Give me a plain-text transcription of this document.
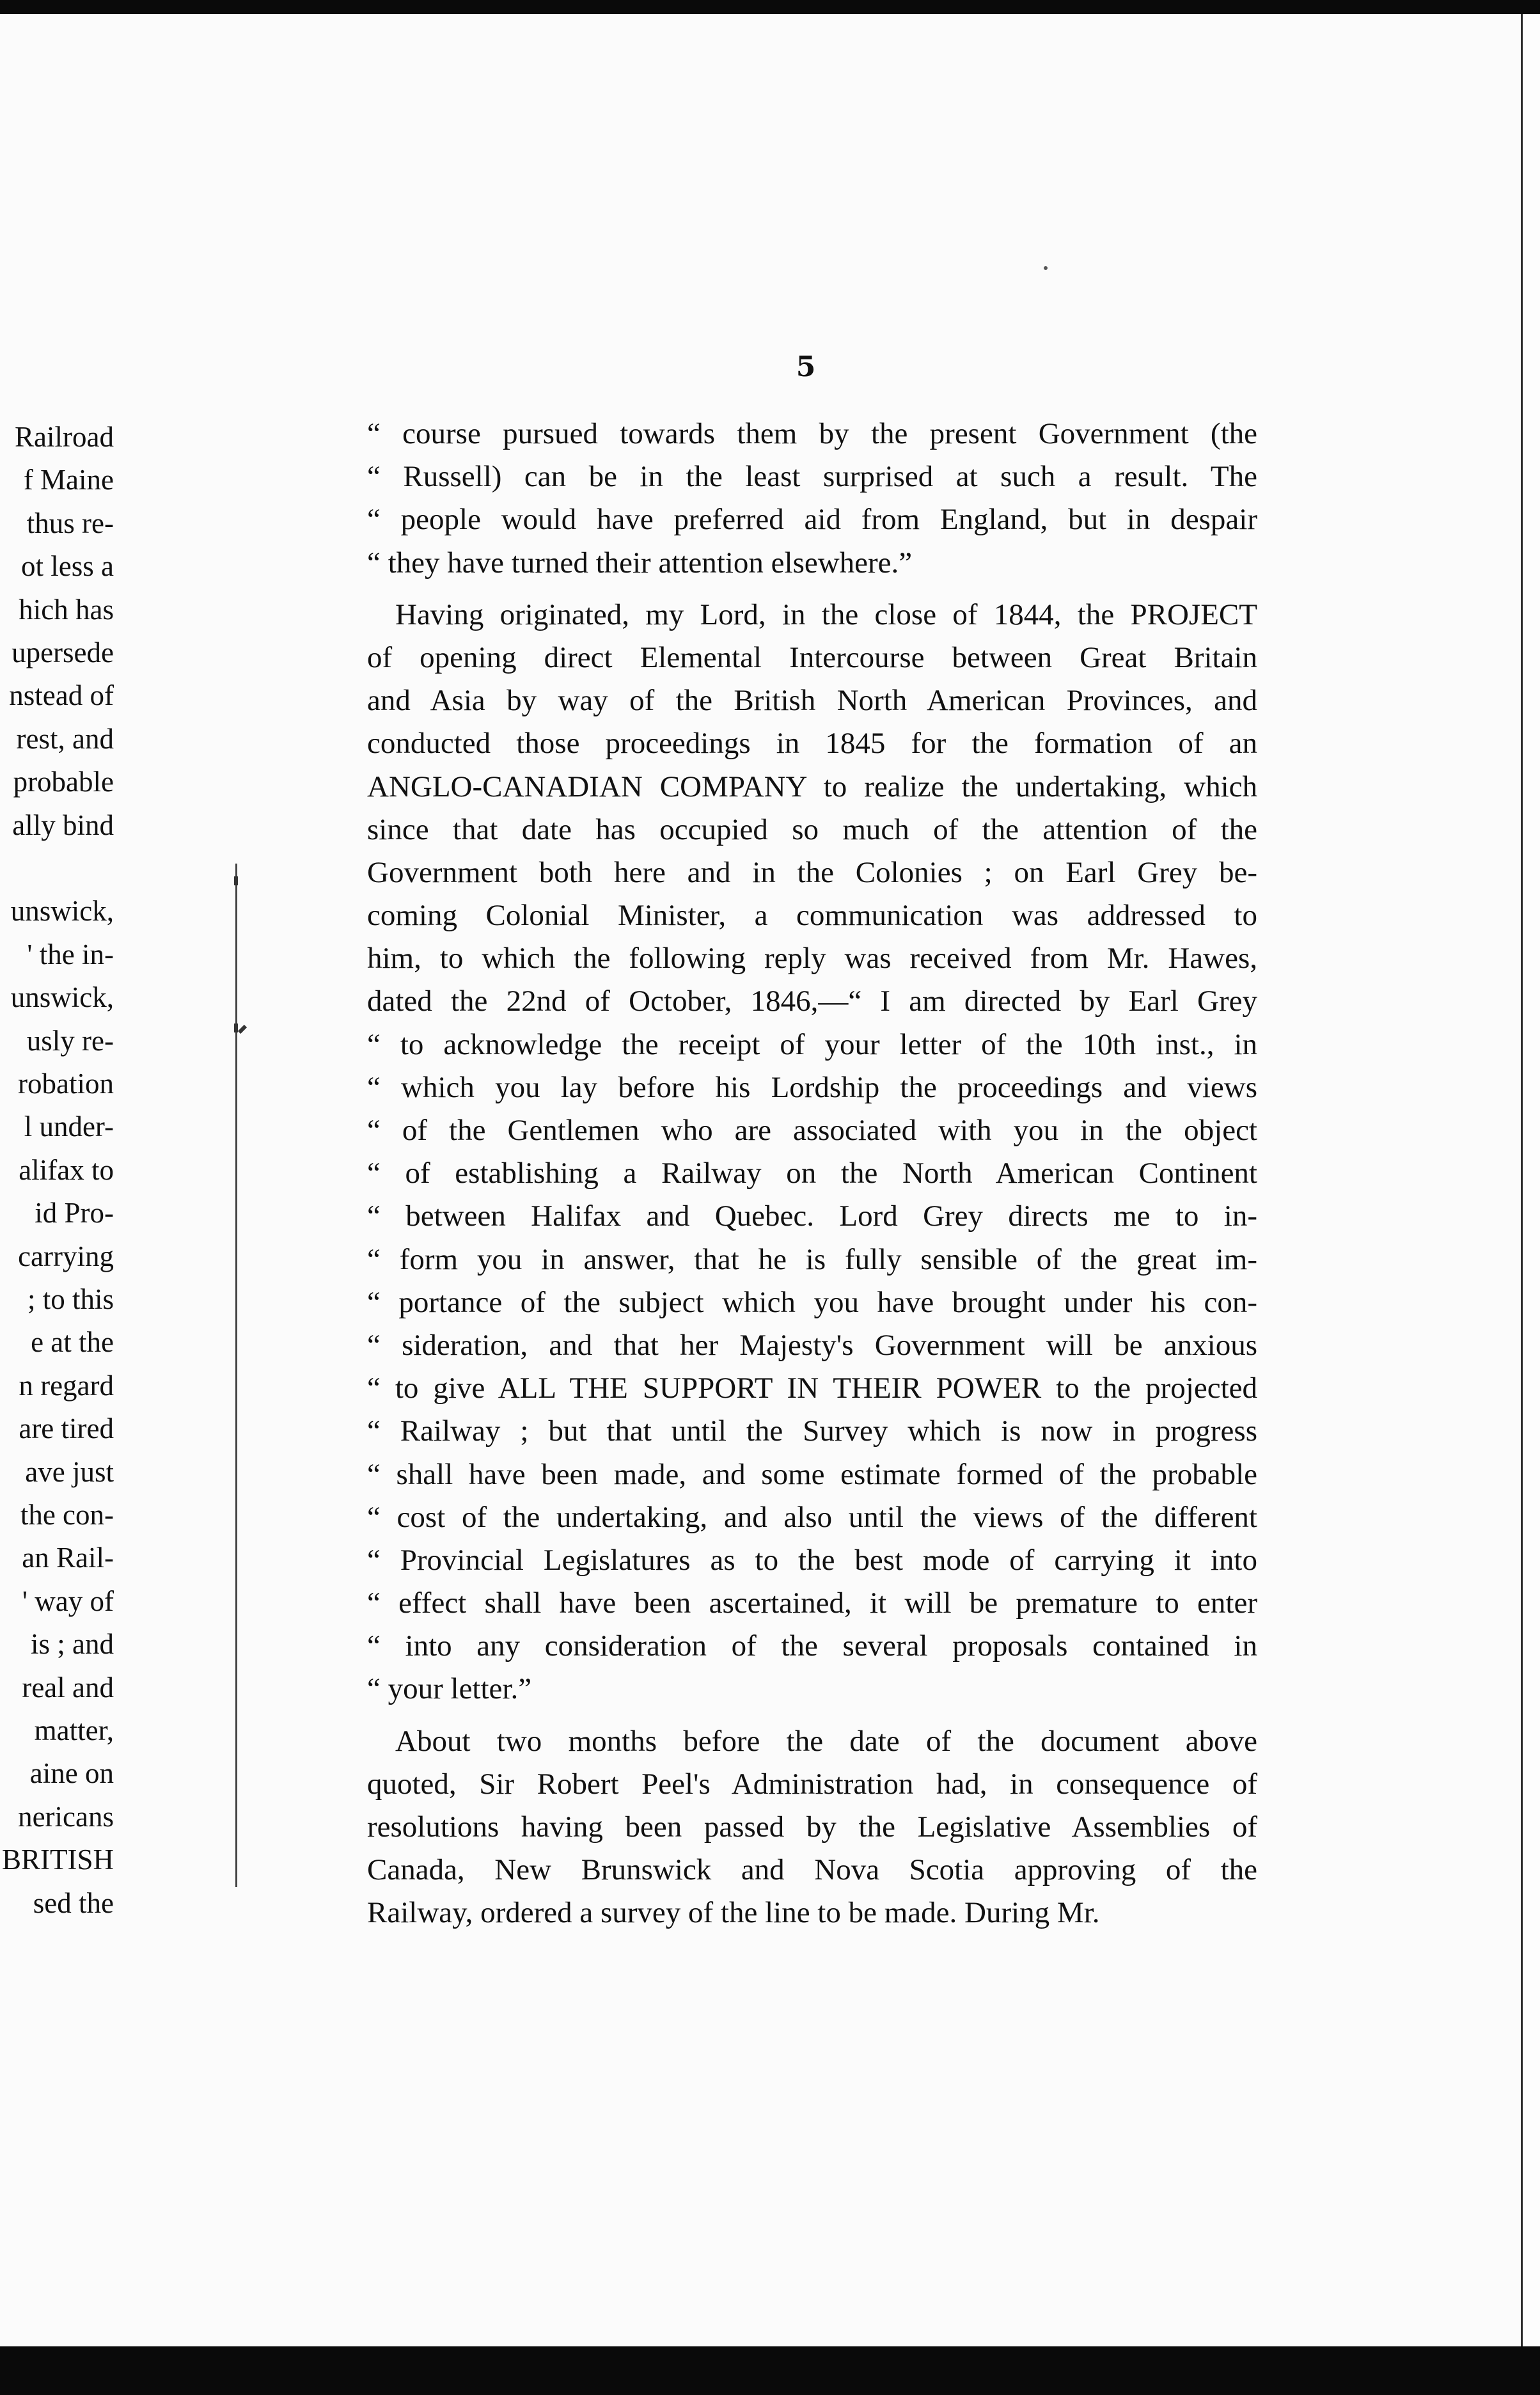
5
Railroad
f Maine
thus re-
ot less a
hich has
upersede
nstead of
rest, and
probable
ally bind
unswick,
' the in-
unswick,
usly re-
robation
l under-
alifax to
id Pro-
carrying
; to this
e at the
n regard
are tired
ave just
the con-
an Rail-
' way of
is ; and
real and
matter,
aine on
nericans
BRITISH
sed the
“ course pursued towards them by the present Government (the
“ Russell) can be in the least surprised at such a result. The
“ people would have preferred aid from England, but in despair
“ they have turned their attention elsewhere.”
Having originated, my Lord, in the close of 1844, the PROJECT
of opening direct Elemental Intercourse between Great Britain
and Asia by way of the British North American Provinces, and
conducted those proceedings in 1845 for the formation of an
ANGLO-CANADIAN COMPANY to realize the undertaking, which
since that date has occupied so much of the attention of the
Government both here and in the Colonies ; on Earl Grey be-
coming Colonial Minister, a communication was addressed to
him, to which the following reply was received from Mr. Hawes,
dated the 22nd of October, 1846,—“ I am directed by Earl Grey
“ to acknowledge the receipt of your letter of the 10th inst., in
“ which you lay before his Lordship the proceedings and views
“ of the Gentlemen who are associated with you in the object
“ of establishing a Railway on the North American Continent
“ between Halifax and Quebec. Lord Grey directs me to in-
“ form you in answer, that he is fully sensible of the great im-
“ portance of the subject which you have brought under his con-
“ sideration, and that her Majesty's Government will be anxious
“ to give ALL THE SUPPORT IN THEIR POWER to the projected
“ Railway ; but that until the Survey which is now in progress
“ shall have been made, and some estimate formed of the probable
“ cost of the undertaking, and also until the views of the different
“ Provincial Legislatures as to the best mode of carrying it into
“ effect shall have been ascertained, it will be premature to enter
“ into any consideration of the several proposals contained in
“ your letter.”
About two months before the date of the document above
quoted, Sir Robert Peel's Administration had, in consequence of
resolutions having been passed by the Legislative Assemblies of
Canada, New Brunswick and Nova Scotia approving of the
Railway, ordered a survey of the line to be made. During Mr.
